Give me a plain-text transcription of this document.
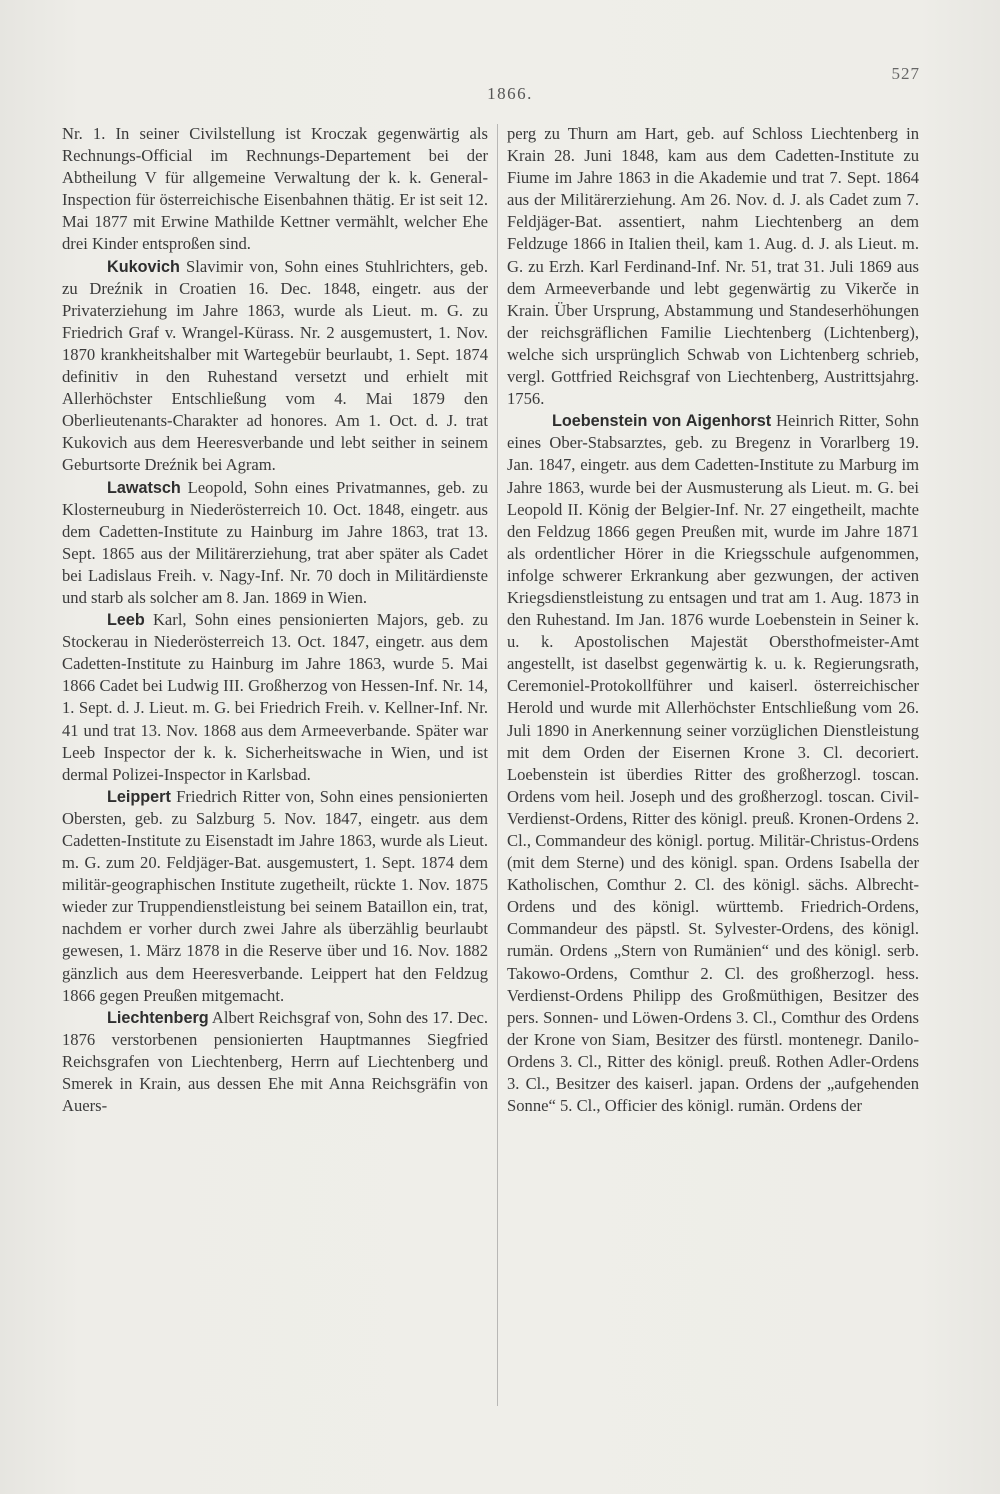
1866.
527

Nr. 1. In seiner Civilstellung ist Kroczak gegenwärtig als Rechnungs-Official im Rechnungs-Departement bei der Abtheilung V für allgemeine Verwaltung der k. k. General-Inspection für österreichische Eisenbahnen thätig. Er ist seit 12. Mai 1877 mit Erwine Mathilde Kettner vermählt, welcher Ehe drei Kinder entsproßen sind.

Kukovich Slavimir von, Sohn eines Stuhlrichters, geb. zu Dreźnik in Croatien 16. Dec. 1848, eingetr. aus der Privaterziehung im Jahre 1863, wurde als Lieut. m. G. zu Friedrich Graf v. Wrangel-Kürass. Nr. 2 ausgemustert, 1. Nov. 1870 krankheitshalber mit Wartegebür beurlaubt, 1. Sept. 1874 definitiv in den Ruhestand versetzt und erhielt mit Allerhöchster Entschließung vom 4. Mai 1879 den Oberlieutenants-Charakter ad honores. Am 1. Oct. d. J. trat Kukovich aus dem Heeresverbande und lebt seither in seinem Geburtsorte Dreźnik bei Agram.

Lawatsch Leopold, Sohn eines Privatmannes, geb. zu Klosterneuburg in Niederösterreich 10. Oct. 1848, eingetr. aus dem Cadetten-Institute zu Hainburg im Jahre 1863, trat 13. Sept. 1865 aus der Militärerziehung, trat aber später als Cadet bei Ladislaus Freih. v. Nagy-Inf. Nr. 70 doch in Militärdienste und starb als solcher am 8. Jan. 1869 in Wien.

Leeb Karl, Sohn eines pensionierten Majors, geb. zu Stockerau in Niederösterreich 13. Oct. 1847, eingetr. aus dem Cadetten-Institute zu Hainburg im Jahre 1863, wurde 5. Mai 1866 Cadet bei Ludwig III. Großherzog von Hessen-Inf. Nr. 14, 1. Sept. d. J. Lieut. m. G. bei Friedrich Freih. v. Kellner-Inf. Nr. 41 und trat 13. Nov. 1868 aus dem Armeeverbande. Später war Leeb Inspector der k. k. Sicherheitswache in Wien, und ist dermal Polizei-Inspector in Karlsbad.

Leippert Friedrich Ritter von, Sohn eines pensionierten Obersten, geb. zu Salzburg 5. Nov. 1847, eingetr. aus dem Cadetten-Institute zu Eisenstadt im Jahre 1863, wurde als Lieut. m. G. zum 20. Feldjäger-Bat. ausgemustert, 1. Sept. 1874 dem militär-geographischen Institute zugetheilt, rückte 1. Nov. 1875 wieder zur Truppendienstleistung bei seinem Bataillon ein, trat, nachdem er vorher durch zwei Jahre als überzählig beurlaubt gewesen, 1. März 1878 in die Reserve über und 16. Nov. 1882 gänzlich aus dem Heeresverbande. Leippert hat den Feldzug 1866 gegen Preußen mitgemacht.

Liechtenberg Albert Reichsgraf von, Sohn des 17. Dec. 1876 verstorbenen pensionierten Hauptmannes Siegfried Reichsgrafen von Liechtenberg, Herrn auf Liechtenberg und Smerek in Krain, aus dessen Ehe mit Anna Reichsgräfin von Auers-

perg zu Thurn am Hart, geb. auf Schloss Liechtenberg in Krain 28. Juni 1848, kam aus dem Cadetten-Institute zu Fiume im Jahre 1863 in die Akademie und trat 7. Sept. 1864 aus der Militärerziehung. Am 26. Nov. d. J. als Cadet zum 7. Feldjäger-Bat. assentiert, nahm Liechtenberg an dem Feldzuge 1866 in Italien theil, kam 1. Aug. d. J. als Lieut. m. G. zu Erzh. Karl Ferdinand-Inf. Nr. 51, trat 31. Juli 1869 aus dem Armeeverbande und lebt gegenwärtig zu Vikerče in Krain. Über Ursprung, Abstammung und Standeserhöhungen der reichsgräflichen Familie Liechtenberg (Lichtenberg), welche sich ursprünglich Schwab von Lichtenberg schrieb, vergl. Gottfried Reichsgraf von Liechtenberg, Austrittsjahrg. 1756.

Loebenstein von Aigenhorst Heinrich Ritter, Sohn eines Ober-Stabsarztes, geb. zu Bregenz in Vorarlberg 19. Jan. 1847, eingetr. aus dem Cadetten-Institute zu Marburg im Jahre 1863, wurde bei der Ausmusterung als Lieut. m. G. bei Leopold II. König der Belgier-Inf. Nr. 27 eingetheilt, machte den Feldzug 1866 gegen Preußen mit, wurde im Jahre 1871 als ordentlicher Hörer in die Kriegsschule aufgenommen, infolge schwerer Erkrankung aber gezwungen, der activen Kriegsdienstleistung zu entsagen und trat am 1. Aug. 1873 in den Ruhestand. Im Jan. 1876 wurde Loebenstein in Seiner k. u. k. Apostolischen Majestät Obersthofmeister-Amt angestellt, ist daselbst gegenwärtig k. u. k. Regierungsrath, Ceremoniel-Protokollführer und kaiserl. österreichischer Herold und wurde mit Allerhöchster Entschließung vom 26. Juli 1890 in Anerkennung seiner vorzüglichen Dienstleistung mit dem Orden der Eisernen Krone 3. Cl. decoriert. Loebenstein ist überdies Ritter des großherzogl. toscan. Ordens vom heil. Joseph und des großherzogl. toscan. Civil-Verdienst-Ordens, Ritter des königl. preuß. Kronen-Ordens 2. Cl., Commandeur des königl. portug. Militär-Christus-Ordens (mit dem Sterne) und des königl. span. Ordens Isabella der Katholischen, Comthur 2. Cl. des königl. sächs. Albrecht-Ordens und des königl. württemb. Friedrich-Ordens, Commandeur des päpstl. St. Sylvester-Ordens, des königl. rumän. Ordens „Stern von Rumänien“ und des königl. serb. Takowo-Ordens, Comthur 2. Cl. des großherzogl. hess. Verdienst-Ordens Philipp des Großmüthigen, Besitzer des pers. Sonnen- und Löwen-Ordens 3. Cl., Comthur des Ordens der Krone von Siam, Besitzer des fürstl. montenegr. Danilo-Ordens 3. Cl., Ritter des königl. preuß. Rothen Adler-Ordens 3. Cl., Besitzer des kaiserl. japan. Ordens der „aufgehenden Sonne“ 5. Cl., Officier des königl. rumän. Ordens der
